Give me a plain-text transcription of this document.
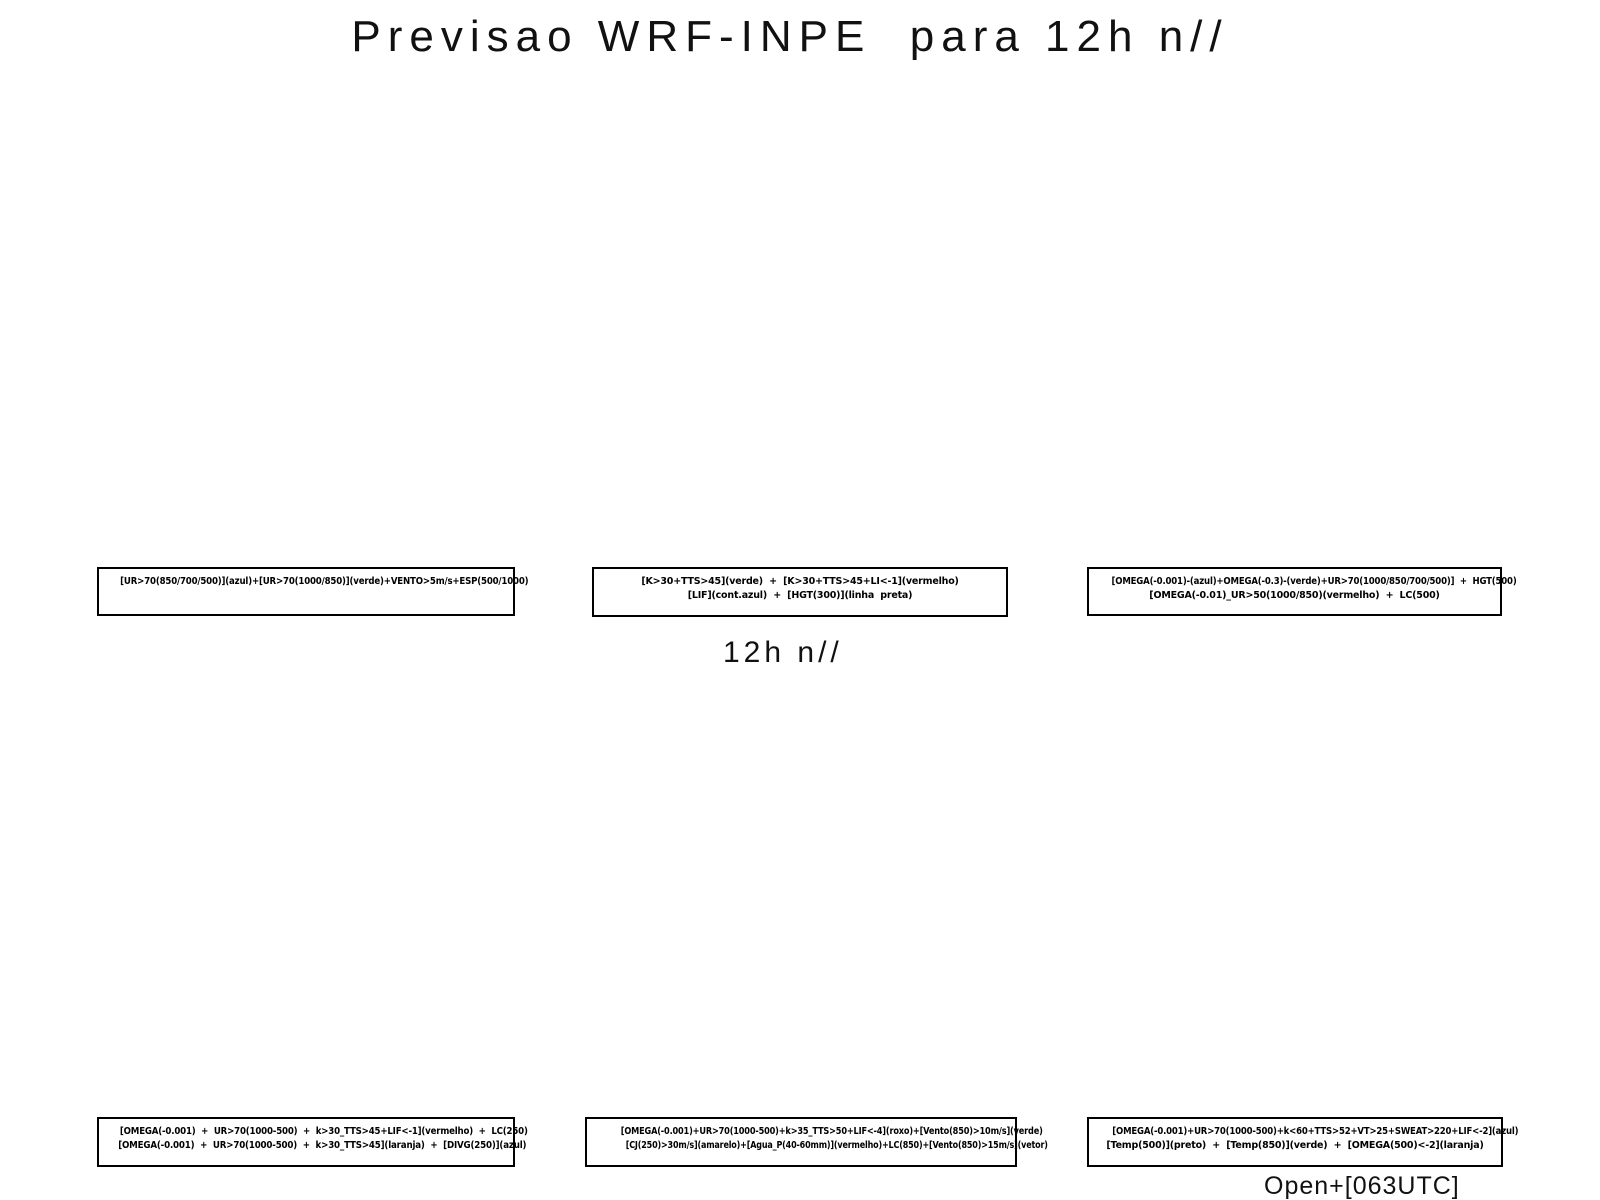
Previsao WRF-INPE  para 12h n//
[UR>70(850/700/500)](azul)+[UR>70(1000/850)](verde)+VENTO>5m/s+ESP(500/1000)	[K>30+TTS>45](verde)  +  [K>30+TTS>45+LI<-1](vermelho)
[LIF](cont.azul)  +  [HGT(300)](linha  preta)
[OMEGA(-0.001)-(azul)+OMEGA(-0.3)-(verde)+UR>70(1000/850/700/500)]  +  HGT(500)
[OMEGA(-0.01)_UR>50(1000/850)(vermelho)  +  LC(500)
12h n//
[OMEGA(-0.001)  +  UR>70(1000-500)  +  k>30_TTS>45+LIF<-1](vermelho)  +  LC(250)
[OMEGA(-0.001)  +  UR>70(1000-500)  +  k>30_TTS>45](laranja)  +  [DIVG(250)](azul)
[OMEGA(-0.001)+UR>70(1000-500)+k>35_TTS>50+LIF<-4](roxo)+[Vento(850)>10m/s](verde)
[CJ(250)>30m/s](amarelo)+[Agua_P(40-60mm)](vermelho)+LC(850)+[Vento(850)>15m/s](vetor)
[OMEGA(-0.001)+UR>70(1000-500)+k<60+TTS>52+VT>25+SWEAT>220+LIF<-2](azul)
[Temp(500)](preto)  +  [Temp(850)](verde)  +  [OMEGA(500)<-2](laranja)
Open+[063UTC]
